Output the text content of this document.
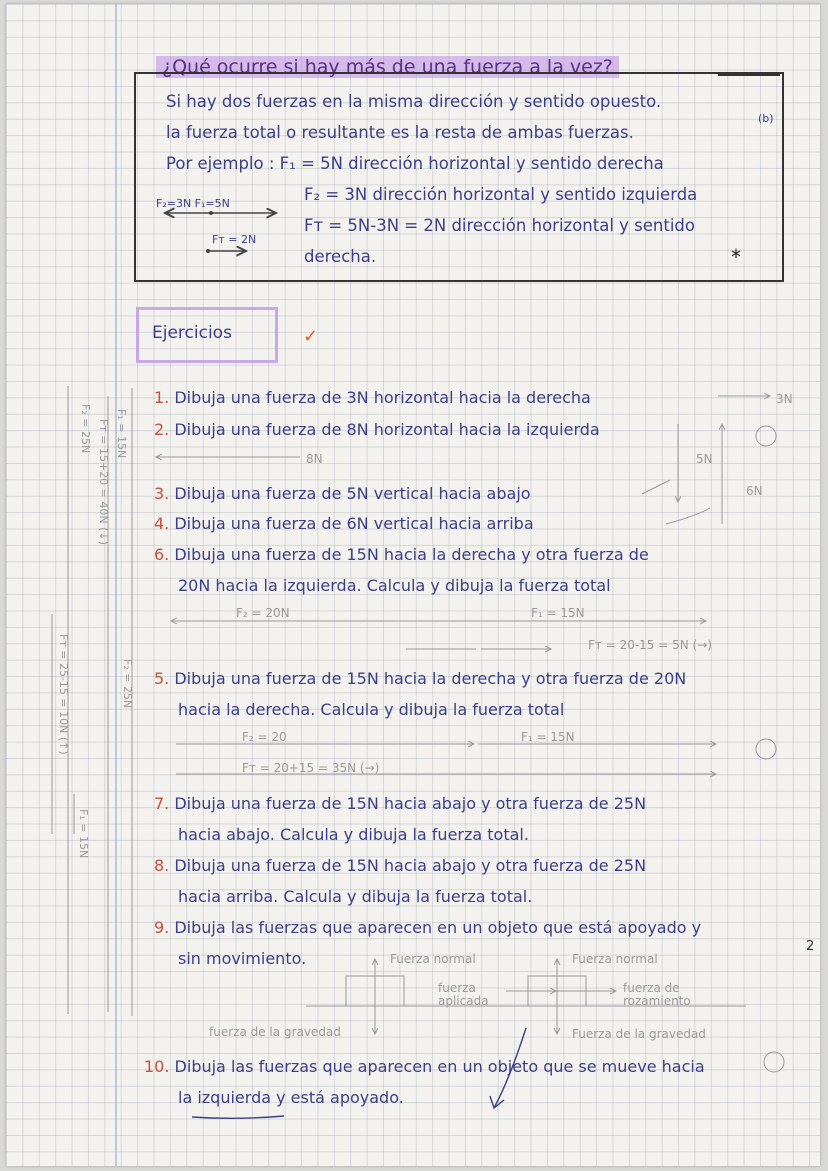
¿Qué ocurre si hay más de una fuerza a la vez?
Si hay dos fuerzas en la misma dirección y sentido opuesto.
la fuerza total o resultante es la resta de ambas fuerzas.
(b)
Por ejemplo : F₁ = 5N dirección horizontal y sentido derecha
F₂ = 3N dirección horizontal y sentido izquierda
Fᴛ = 5N-3N = 2N dirección horizontal y sentido
derecha.
F₂=3N F₁=5N
Fᴛ = 2N
*
Ejercicios	✓
1. Dibuja una fuerza de 3N horizontal hacia la derecha
2. Dibuja una fuerza de 8N horizontal hacia la izquierda
3. Dibuja una fuerza de 5N vertical hacia abajo
4. Dibuja una fuerza de 6N vertical hacia arriba
6. Dibuja una fuerza de 15N hacia la derecha y otra fuerza de
20N hacia la izquierda. Calcula y dibuja la fuerza total
5. Dibuja una fuerza de 15N hacia la derecha y otra fuerza de 20N
hacia la derecha. Calcula y dibuja la fuerza total
7. Dibuja una fuerza de 15N hacia abajo y otra fuerza de 25N
hacia abajo. Calcula y dibuja la fuerza total.
8. Dibuja una fuerza de 15N hacia abajo y otra fuerza de 25N
hacia arriba. Calcula y dibuja la fuerza total.
9. Dibuja las fuerzas que aparecen en un objeto que está apoyado y
sin movimiento.
10. Dibuja las fuerzas que aparecen en un objeto que se mueve hacia
la izquierda y está apoyado.
3N
8N	5N
6N
F₂ = 20N	F₁ = 15N
Fᴛ = 20-15 = 5N (→)
F₂ = 20	F₁ = 15N
Fᴛ = 20+15 = 35N (→)
Fuerza normal	Fuerza normal
fuerza aplicada
fuerza de rozamiento
fuerza de la gravedad	Fuerza de la gravedad
F₂ = 25N Fᴛ = 15+20 = 40N (↓) F₁ = 15N
Fᴛ = 25-15 = 10N (↑)	F₂ = 25N
F₁ = 15N
2
